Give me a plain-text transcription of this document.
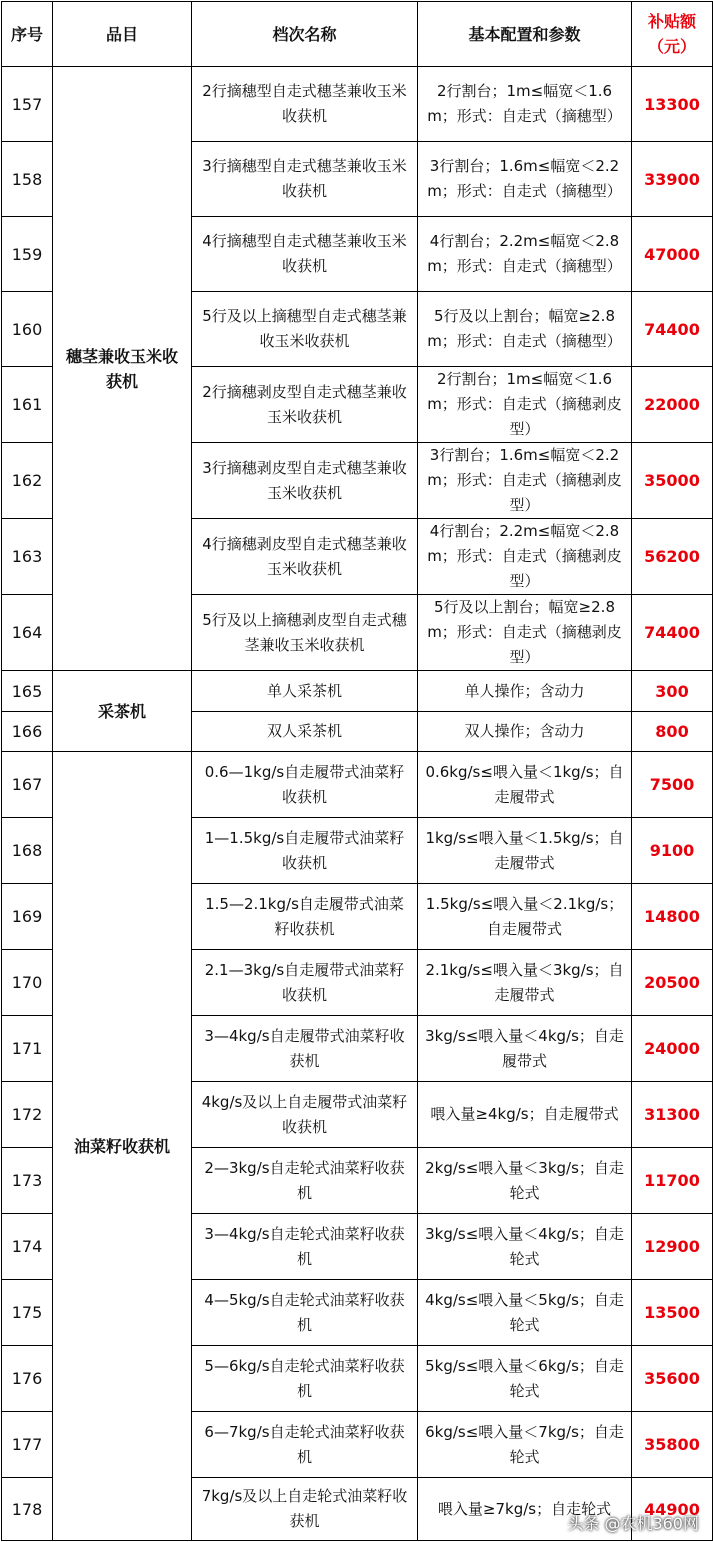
序号	品目	档次名称	基本配置和参数	补贴额（元）
157	穗茎兼收玉米收获机	2行摘穗型自走式穗茎兼收玉米收获机	2行割台；1m≤幅宽＜1.6m；形式：自走式（摘穗型）	13300
158		3行摘穗型自走式穗茎兼收玉米收获机	3行割台；1.6m≤幅宽＜2.2m；形式：自走式（摘穗型）	33900
159		4行摘穗型自走式穗茎兼收玉米收获机	4行割台；2.2m≤幅宽＜2.8m；形式：自走式（摘穗型）	47000
160		5行及以上摘穗型自走式穗茎兼收玉米收获机	5行及以上割台；幅宽≥2.8m；形式：自走式（摘穗型）	74400
161		2行摘穗剥皮型自走式穗茎兼收玉米收获机	2行割台；1m≤幅宽＜1.6m；形式：自走式（摘穗剥皮型）	22000
162		3行摘穗剥皮型自走式穗茎兼收玉米收获机	3行割台；1.6m≤幅宽＜2.2m；形式：自走式（摘穗剥皮型）	35000
163		4行摘穗剥皮型自走式穗茎兼收玉米收获机	4行割台；2.2m≤幅宽＜2.8m；形式：自走式（摘穗剥皮型）	56200
164		5行及以上摘穗剥皮型自走式穗茎兼收玉米收获机	5行及以上割台；幅宽≥2.8m；形式：自走式（摘穗剥皮型）	74400
165	采茶机	单人采茶机	单人操作；含动力	300
166		双人采茶机	双人操作；含动力	800
167	油菜籽收获机	0.6—1kg/s自走履带式油菜籽收获机	0.6kg/s≤喂入量＜1kg/s；自走履带式	7500
168		1—1.5kg/s自走履带式油菜籽收获机	1kg/s≤喂入量＜1.5kg/s；自走履带式	9100
169		1.5—2.1kg/s自走履带式油菜籽收获机	1.5kg/s≤喂入量＜2.1kg/s；自走履带式	14800
170		2.1—3kg/s自走履带式油菜籽收获机	2.1kg/s≤喂入量＜3kg/s；自走履带式	20500
171		3—4kg/s自走履带式油菜籽收获机	3kg/s≤喂入量＜4kg/s；自走履带式	24000
172		4kg/s及以上自走履带式油菜籽收获机	喂入量≥4kg/s；自走履带式	31300
173		2—3kg/s自走轮式油菜籽收获机	2kg/s≤喂入量＜3kg/s；自走轮式	11700
174		3—4kg/s自走轮式油菜籽收获机	3kg/s≤喂入量＜4kg/s；自走轮式	12900
175		4—5kg/s自走轮式油菜籽收获机	4kg/s≤喂入量＜5kg/s；自走轮式	13500
176		5—6kg/s自走轮式油菜籽收获机	5kg/s≤喂入量＜6kg/s；自走轮式	35600
177		6—7kg/s自走轮式油菜籽收获机	6kg/s≤喂入量＜7kg/s；自走轮式	35800
178		7kg/s及以上自走轮式油菜籽收获机	喂入量≥7kg/s；自走轮式	44900
头条 @农机360网
